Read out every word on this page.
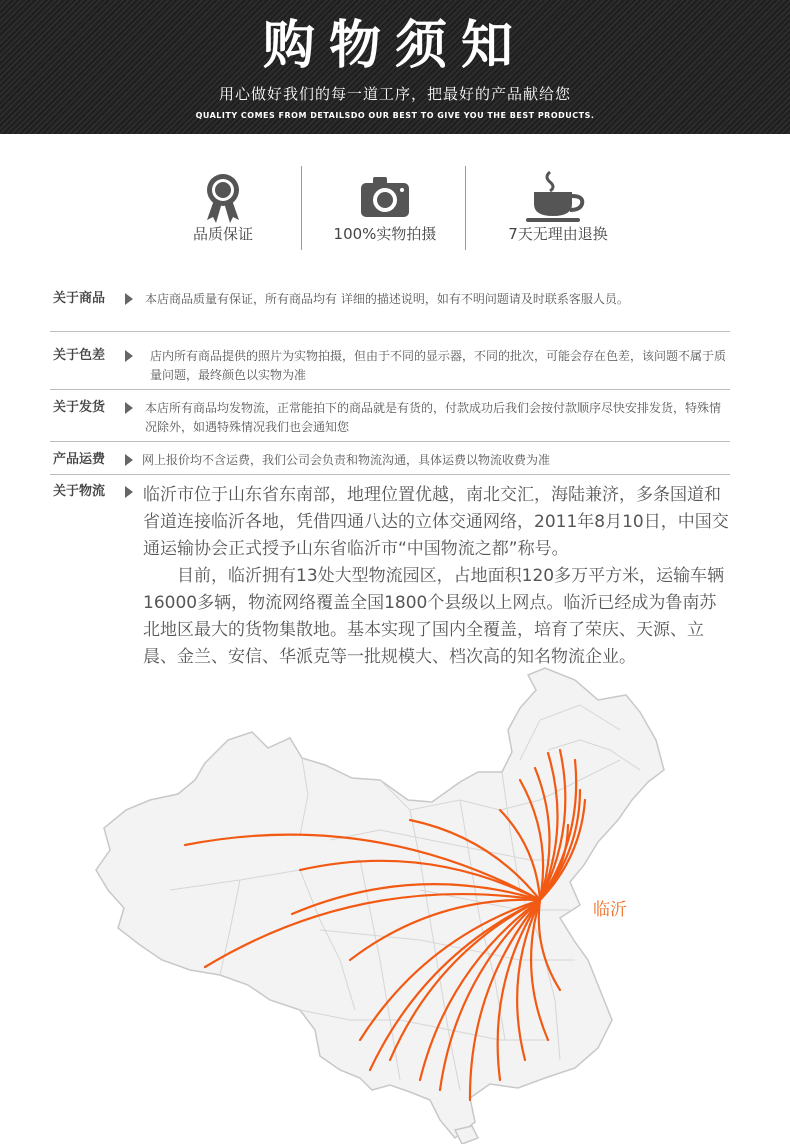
购物须知
用心做好我们的每一道工序，把最好的产品献给您
QUALITY COMES FROM DETAILSDO OUR BEST TO GIVE YOU THE BEST PRODUCTS.
品质保证	100%实物拍摄	7天无理由退换
关于商品	本店商品质量有保证，所有商品均有 详细的描述说明，如有不明问题请及时联系客服人员。
关于色差	店内所有商品提供的照片为实物拍摄，但由于不同的显示器，不同的批次，可能会存在色差，该问题不属于质量问题，最终颜色以实物为准
关于发货	本店所有商品均发物流，正常能拍下的商品就是有货的，付款成功后我们会按付款顺序尽快安排发货，特殊情况除外，如遇特殊情况我们也会通知您
产品运费	网上报价均不含运费，我们公司会负责和物流沟通，具体运费以物流收费为准
关于物流 临沂市位于山东省东南部，地理位置优越，南北交汇，海陆兼济，多条国道和省道连接临沂各地，凭借四通八达的立体交通网络，2011年8月10日，中国交通运输协会正式授予山东省临沂市“中国物流之都”称号。

目前，临沂拥有13处大型物流园区，占地面积120多万平方米，运输车辆16000多辆，物流网络覆盖全国1800个县级以上网点。临沂已经成为鲁南苏北地区最大的货物集散地。基本实现了国内全覆盖，培育了荣庆、天源、立晨、金兰、安信、华派克等一批规模大、档次高的知名物流企业。

临沂
